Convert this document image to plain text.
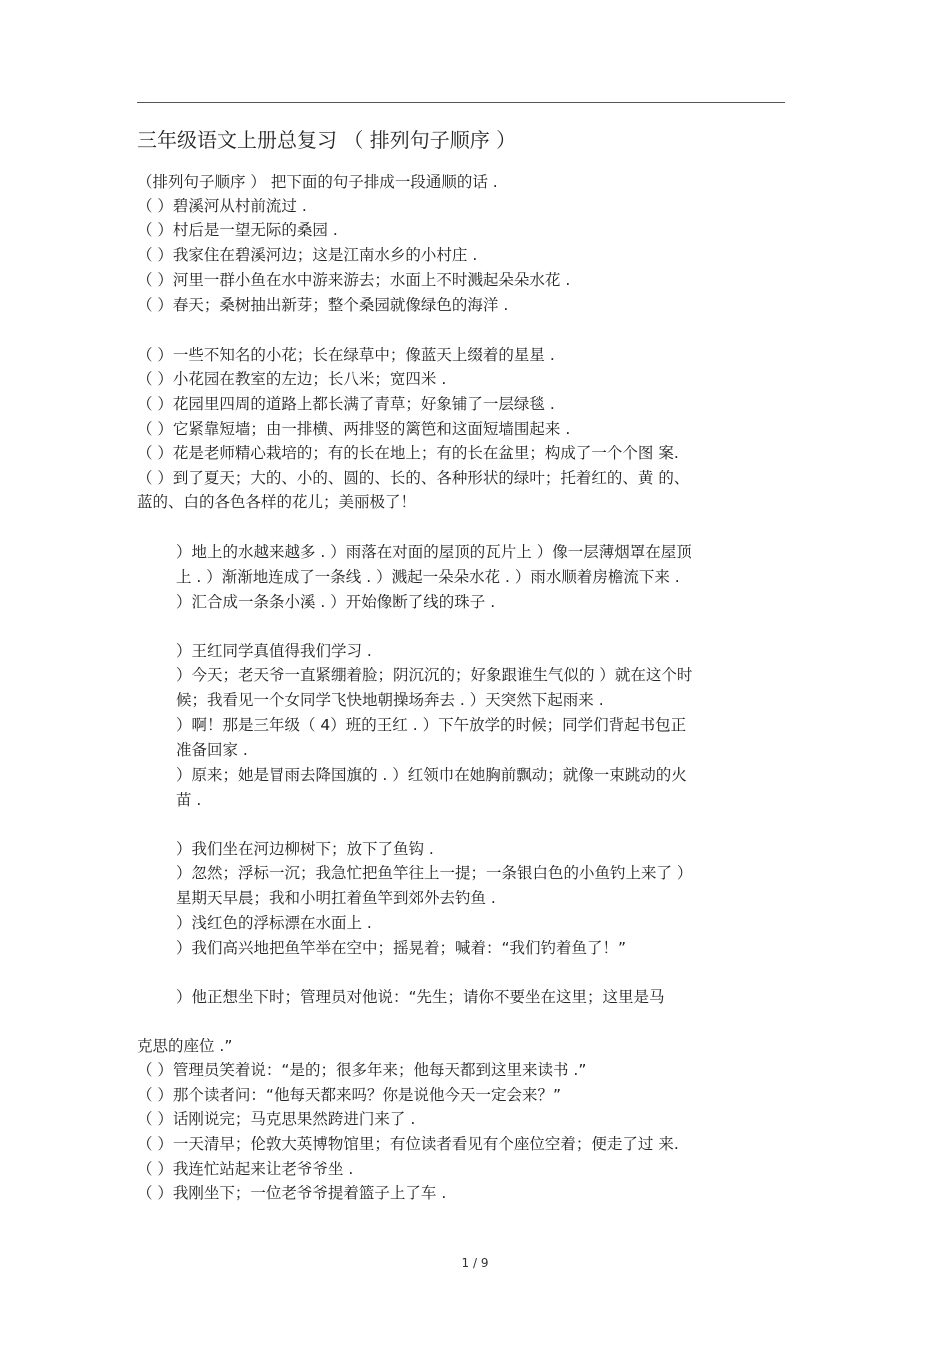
三年级语文上册总复习 （ 排列句子顺序 ）
（排列句子顺序 ） 把下面的句子排成一段通顺的话 .
（ ）碧溪河从村前流过 .
（ ）村后是一望无际的桑园 .
（ ）我家住在碧溪河边；这是江南水乡的小村庄 .
（ ）河里一群小鱼在水中游来游去；水面上不时溅起朵朵水花 .
（ ）春天；桑树抽出新芽；整个桑园就像绿色的海洋 .
（ ）一些不知名的小花；长在绿草中；像蓝天上缀着的星星 .
（ ）小花园在教室的左边；长八米；宽四米 .
（ ）花园里四周的道路上都长满了青草；好象铺了一层绿毯 .
（ ）它紧靠短墙；由一排横、两排竖的篱笆和这面短墙围起来 .
（ ）花是老师精心栽培的；有的长在地上；有的长在盆里；构成了一个个图 案.
（ ）到了夏天；大的、小的、圆的、长的、各种形状的绿叶；托着红的、黄 的、
蓝的、白的各色各样的花儿；美丽极了！
）地上的水越来越多 . ）雨落在对面的屋顶的瓦片上 ）像一层薄烟罩在屋顶
上 . ）渐渐地连成了一条线 . ）溅起一朵朵水花 . ）雨水顺着房檐流下来 .
）汇合成一条条小溪 . ）开始像断了线的珠子 .
）王红同学真值得我们学习 .
）今天；老天爷一直紧绷着脸；阴沉沉的；好象跟谁生气似的 ）就在这个时
候；我看见一个女同学飞快地朝操场奔去 . ）天突然下起雨来 .
）啊！那是三年级（ 4）班的王红 . ）下午放学的时候；同学们背起书包正
准备回家 .
）原来；她是冒雨去降国旗的 . ）红领巾在她胸前飘动；就像一束跳动的火
苗 .
）我们坐在河边柳树下；放下了鱼钩 .
）忽然；浮标一沉；我急忙把鱼竿往上一提；一条银白色的小鱼钓上来了 ）
星期天早晨；我和小明扛着鱼竿到郊外去钓鱼 .
）浅红色的浮标漂在水面上 .
）我们高兴地把鱼竿举在空中；摇晃着；喊着：“我们钓着鱼了！”
）他正想坐下时；管理员对他说：“先生；请你不要坐在这里；这里是马
克思的座位 .”
（ ）管理员笑着说：“是的；很多年来；他每天都到这里来读书 .”
（ ）那个读者问：“他每天都来吗？你是说他今天一定会来？”
（ ）话刚说完；马克思果然跨进门来了 .
（ ）一天清早；伦敦大英博物馆里；有位读者看见有个座位空着；便走了过 来.
（ ）我连忙站起来让老爷爷坐 .
（ ）我刚坐下；一位老爷爷提着篮子上了车 .
1 / 9
